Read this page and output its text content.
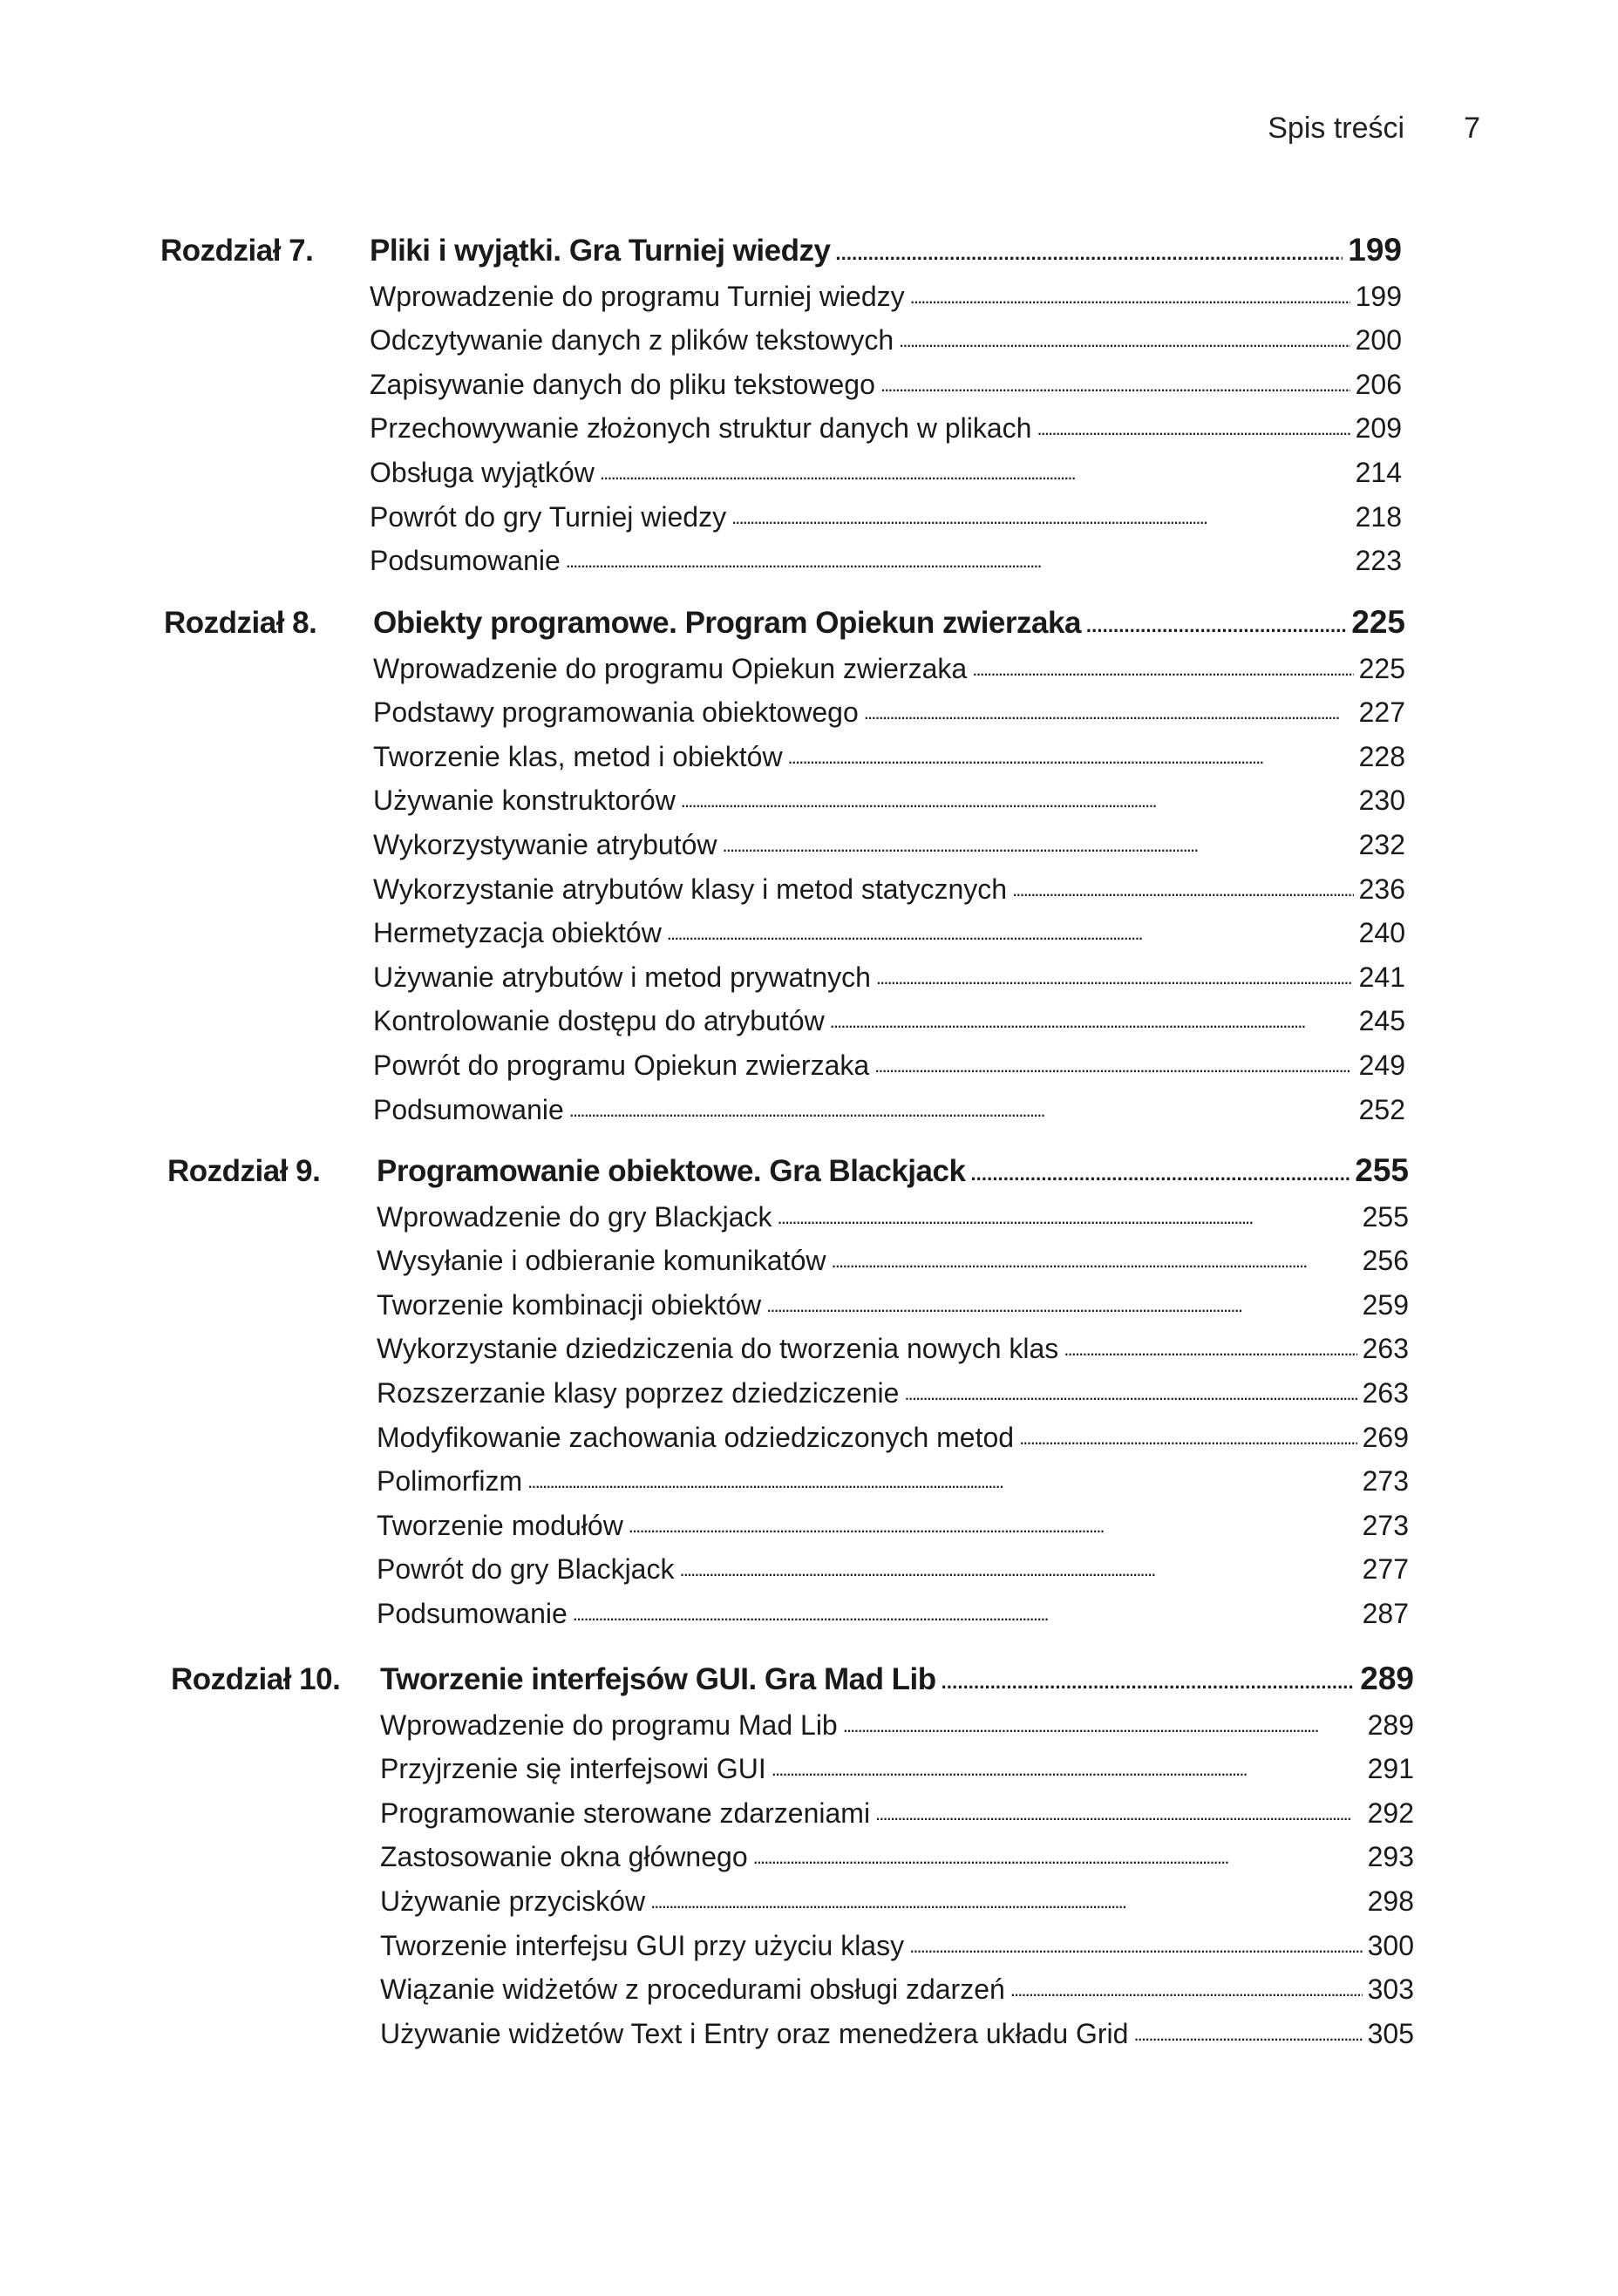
Spis treści 7
Rozdział 7. Pliki i wyjątki. Gra Turniej wiedzy . . .	199
Wprowadzenie do programu Turniej wiedzy . . .	199
Odczytywanie danych z plików tekstowych . . .	200
Zapisywanie danych do pliku tekstowego . . .	206
Przechowywanie złożonych struktur danych w plikach . . .	209
Obsługa wyjątków . . .	214
Powrót do gry Turniej wiedzy . . .	218
Podsumowanie . . .	223
Rozdział 8. Obiekty programowe. Program Opiekun zwierzaka . . .	225
Wprowadzenie do programu Opiekun zwierzaka . . .	225
Podstawy programowania obiektowego . . .	227
Tworzenie klas, metod i obiektów . . .	228
Używanie konstruktorów . . .	230
Wykorzystywanie atrybutów . . .	232
Wykorzystanie atrybutów klasy i metod statycznych . . .	236
Hermetyzacja obiektów . . .	240
Używanie atrybutów i metod prywatnych . . .	241
Kontrolowanie dostępu do atrybutów . . .	245
Powrót do programu Opiekun zwierzaka . . .	249
Podsumowanie . . .	252
Rozdział 9. Programowanie obiektowe. Gra Blackjack . . .	255
Wprowadzenie do gry Blackjack . . .	255
Wysyłanie i odbieranie komunikatów . . .	256
Tworzenie kombinacji obiektów . . .	259
Wykorzystanie dziedziczenia do tworzenia nowych klas . . .	263
Rozszerzanie klasy poprzez dziedziczenie . . .	263
Modyfikowanie zachowania odziedziczonych metod . . .	269
Polimorfizm . . .	273
Tworzenie modułów . . .	273
Powrót do gry Blackjack . . .	277
Podsumowanie . . .	287
Rozdział 10. Tworzenie interfejsów GUI. Gra Mad Lib . . .	289
Wprowadzenie do programu Mad Lib . . .	289
Przyjrzenie się interfejsowi GUI . . .	291
Programowanie sterowane zdarzeniami . . .	292
Zastosowanie okna głównego . . .	293
Używanie przycisków . . .	298
Tworzenie interfejsu GUI przy użyciu klasy . . .	300
Wiązanie widżetów z procedurami obsługi zdarzeń . . .	303
Używanie widżetów Text i Entry oraz menedżera układu Grid . . .	305
